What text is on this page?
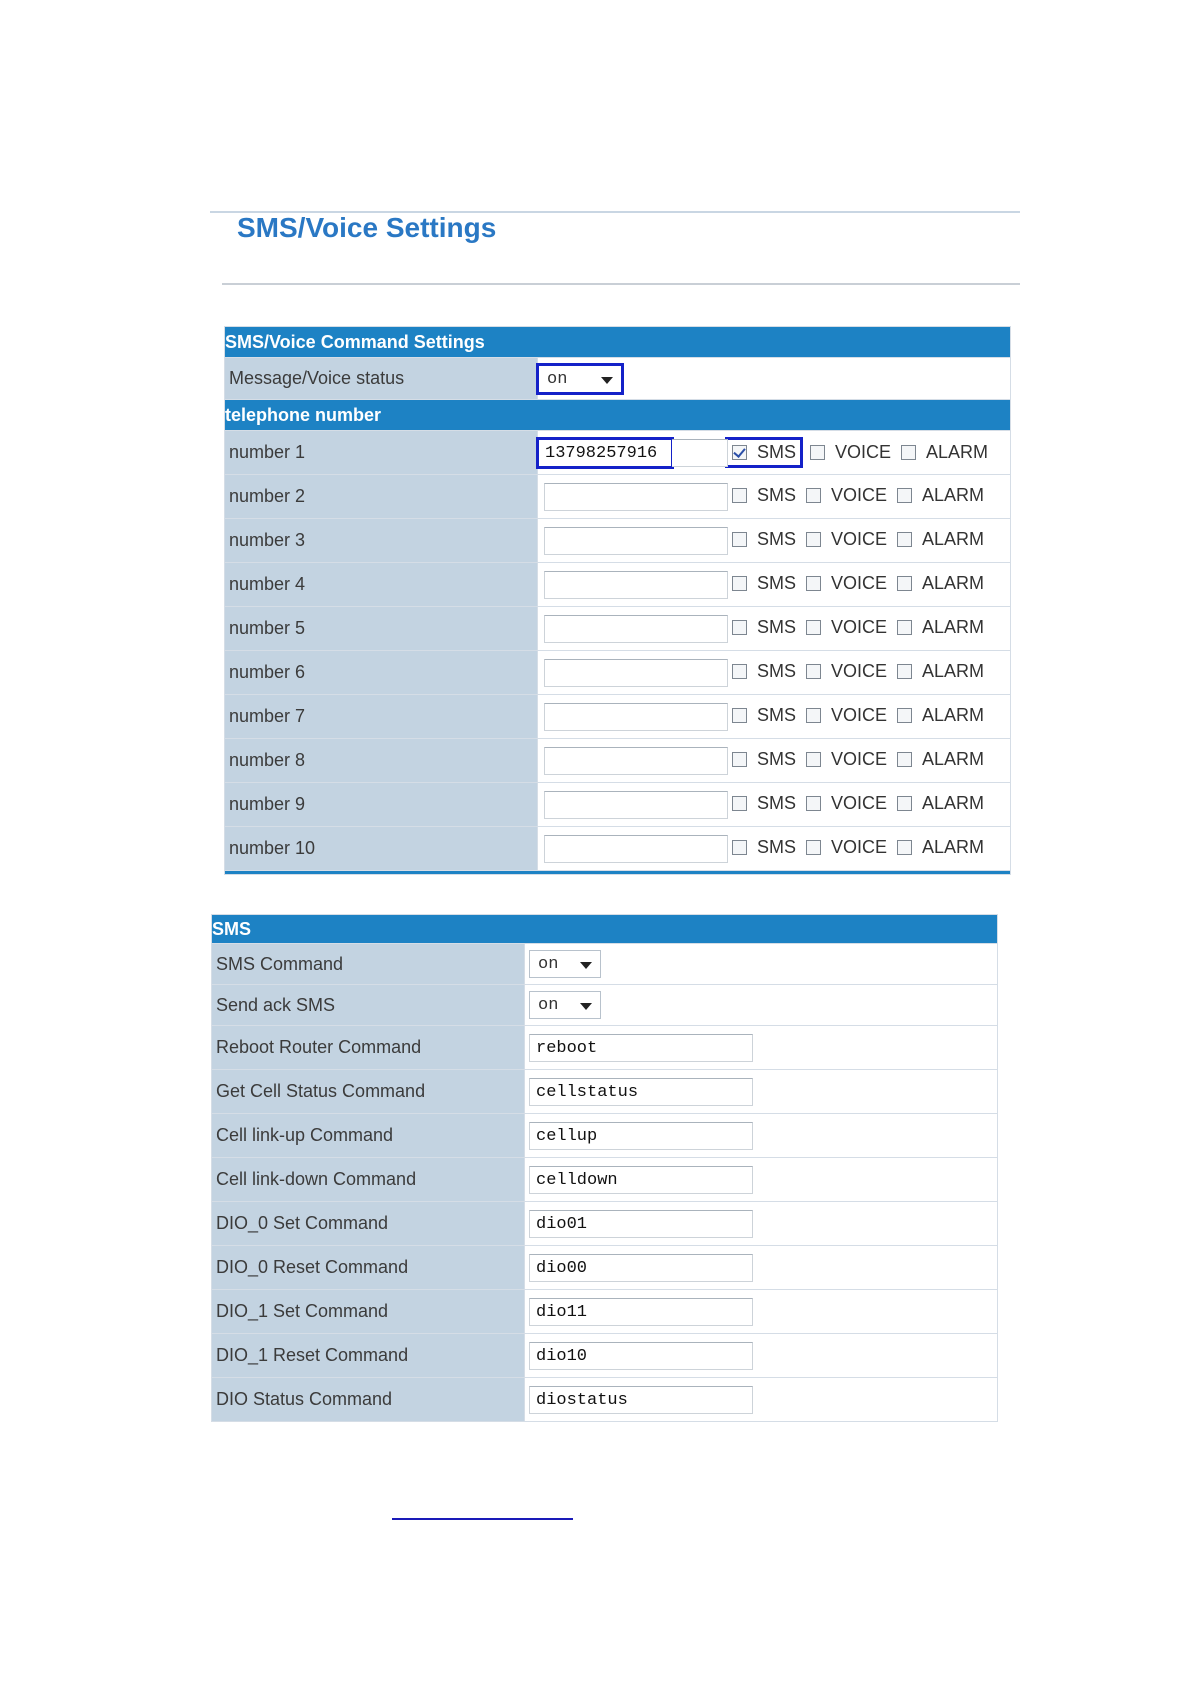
SMS/Voice Settings
SMS/Voice Command Settings	
Message/Voice status	on

telephone number	
number 1	13798257916 SMS VOICE ALARM

number 2	SMS VOICE ALARM

number 3	SMS VOICE ALARM

number 4	SMS VOICE ALARM

number 5	SMS VOICE ALARM

number 6	SMS VOICE ALARM

number 7	SMS VOICE ALARM

number 8	SMS VOICE ALARM

number 9	SMS VOICE ALARM

number 10	SMS VOICE ALARM

SMS	
SMS Command	on

Send ack SMS	on

Reboot Router Command	reboot
Get Cell Status Command	cellstatus
Cell link-up Command	cellup
Cell link-down Command	celldown
DIO_0 Set Command	dio01
DIO_0 Reset Command	dio00
DIO_1 Set Command	dio11
DIO_1 Reset Command	dio10
DIO Status Command	diostatus
